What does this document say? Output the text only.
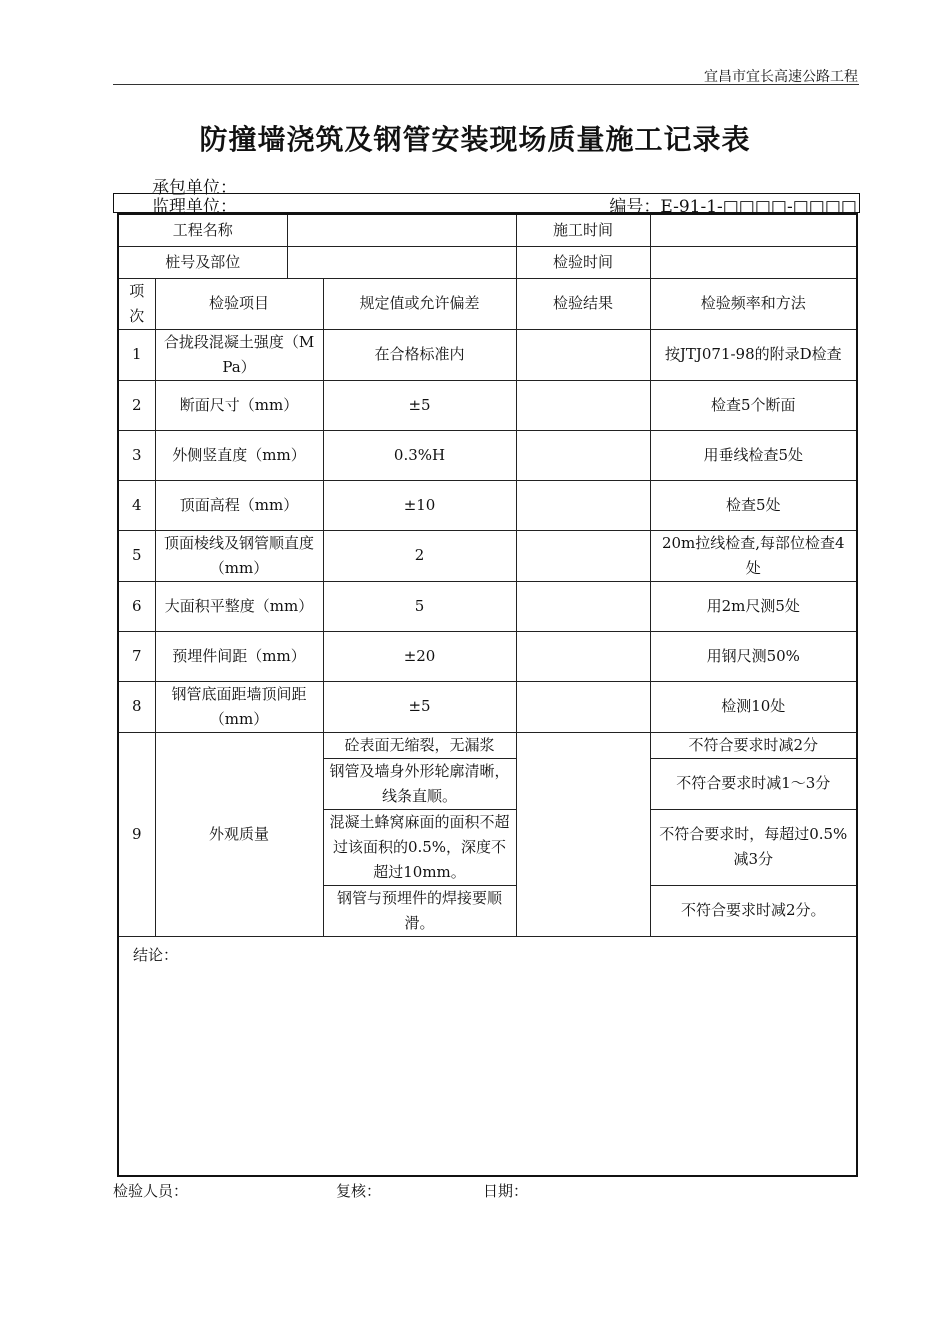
宜昌市宜长高速公路工程
防撞墙浇筑及钢管安装现场质量施工记录表
承包单位：
监理单位：	编号：E-91-1-□□□□-□□□□
工程名称				施工时间	
桩号及部位				检验时间	
项次	检验项目		规定值或允许偏差	检验结果	检验频率和方法
1	合拢段混凝土强度（MPa）		在合格标准内		按JTJ071-98的附录D检查
2	断面尺寸（mm）		±5		检查5个断面
3	外侧竖直度（mm）		0.3%H		用垂线检查5处
4	顶面高程（mm）		±10		检查5处
5	顶面棱线及钢管顺直度（mm）		2		20m拉线检查,每部位检查4处
6	大面积平整度（mm）		5		用2m尺测5处
7	预埋件间距（mm）		±20		用钢尺测50%
8	钢管底面距墙顶间距（mm）		±5		检测10处
9	外观质量		砼表面无缩裂，无漏浆		不符合要求时减2分
			钢管及墙身外形轮廓清晰，线条直顺。		不符合要求时减1～3分
			混凝土蜂窝麻面的面积不超过该面积的0.5%，深度不超过10mm。		不符合要求时，每超过0.5%减3分
			钢管与预埋件的焊接要顺滑。		不符合要求时减2分。
结论：					
检验人员：	复核：	日期：
